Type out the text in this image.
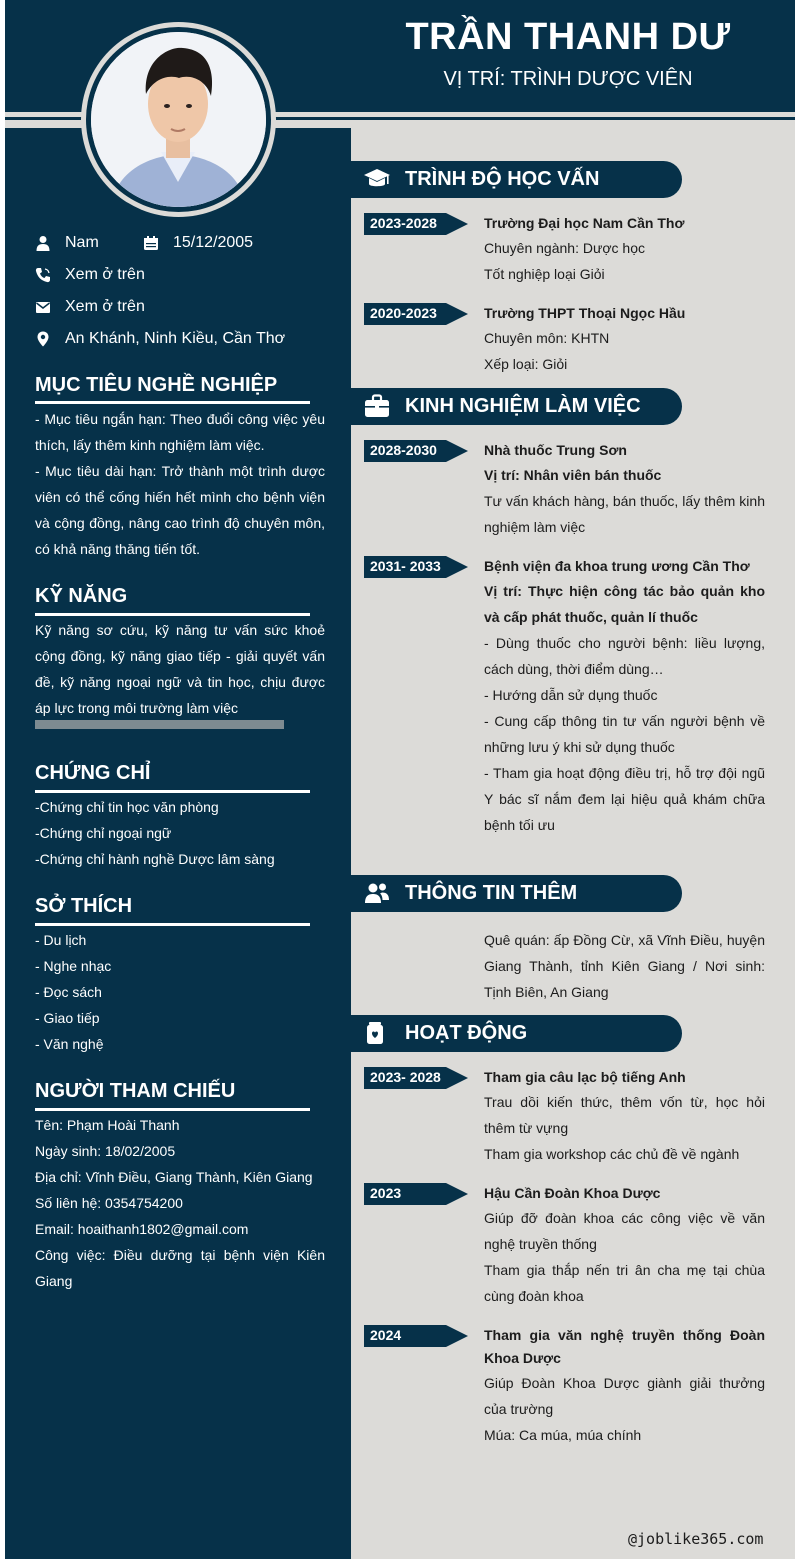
TRẦN THANH DƯ
VỊ TRÍ: TRÌNH DƯỢC VIÊN
Nam	15/12/2005
Xem ở trên
Xem ở trên
An Khánh, Ninh Kiều, Cần Thơ
MỤC TIÊU NGHỀ NGHIỆP
- Mục tiêu ngắn hạn: Theo đuổi công việc yêu thích, lấy thêm kinh nghiệm làm việc.
- Mục tiêu dài hạn: Trở thành một trình dược viên có thể cống hiến hết mình cho bệnh viện và cộng đồng, nâng cao trình độ chuyên môn, có khả năng thăng tiến tốt.
KỸ NĂNG
Kỹ năng sơ cứu, kỹ năng tư vấn sức khoẻ cộng đồng, kỹ năng giao tiếp - giải quyết vấn đề, kỹ năng ngoại ngữ và tin học, chịu được áp lực trong môi trường làm việc
CHỨNG CHỈ
-Chứng chỉ tin học văn phòng
-Chứng chỉ ngoại ngữ
-Chứng chỉ hành nghề Dược lâm sàng
SỞ THÍCH
- Du lịch
- Nghe nhạc
- Đọc sách
- Giao tiếp
- Văn nghệ
NGƯỜI THAM CHIẾU
Tên: Phạm Hoài Thanh
Ngày sinh: 18/02/2005
Địa chỉ: Vĩnh Điều, Giang Thành, Kiên Giang
Số liên hệ: 0354754200
Email: hoaithanh1802@gmail.com
Công việc: Điều dưỡng tại bệnh viện Kiên Giang
TRÌNH ĐỘ HỌC VẤN
2023-2028	Trường Đại học Nam Cần Thơ
Chuyên ngành: Dược học
Tốt nghiệp loại Giỏi
2020-2023	Trường THPT Thoại Ngọc Hầu
Chuyên môn: KHTN
Xếp loại: Giỏi
KINH NGHIỆM LÀM VIỆC
2028-2030	Nhà thuốc Trung Sơn
Vị trí: Nhân viên bán thuốc
Tư vấn khách hàng, bán thuốc, lấy thêm kinh nghiệm làm việc
2031- 2033	Bệnh viện đa khoa trung ương Cần Thơ
Vị trí: Thực hiện công tác bảo quản kho và cấp phát thuốc, quản lí thuốc
- Dùng thuốc cho người bệnh: liều lượng, cách dùng, thời điểm dùng…
- Hướng dẫn sử dụng thuốc
- Cung cấp thông tin tư vấn người bệnh về những lưu ý khi sử dụng thuốc
- Tham gia hoạt động điều trị, hỗ trợ đội ngũ Y bác sĩ nắm đem lại hiệu quả khám chữa bệnh tối ưu
THÔNG TIN THÊM
Quê quán: ấp Đồng Cừ, xã Vĩnh Điều, huyện Giang Thành, tỉnh Kiên Giang / Nơi sinh: Tịnh Biên, An Giang
HOẠT ĐỘNG
2023- 2028	Tham gia câu lạc bộ tiếng Anh
Trau dồi kiến thức, thêm vốn từ, học hỏi thêm từ vựng
Tham gia workshop các chủ đề về ngành
2023	Hậu Cần Đoàn Khoa Dược
Giúp đỡ đoàn khoa các công việc về văn nghệ truyền thống
Tham gia thắp nến tri ân cha mẹ tại chùa cùng đoàn khoa
2024	Tham gia văn nghệ truyền thống Đoàn Khoa Dược
Giúp Đoàn Khoa Dược giành giải thưởng của trường
Múa: Ca múa, múa chính
@joblike365.com
